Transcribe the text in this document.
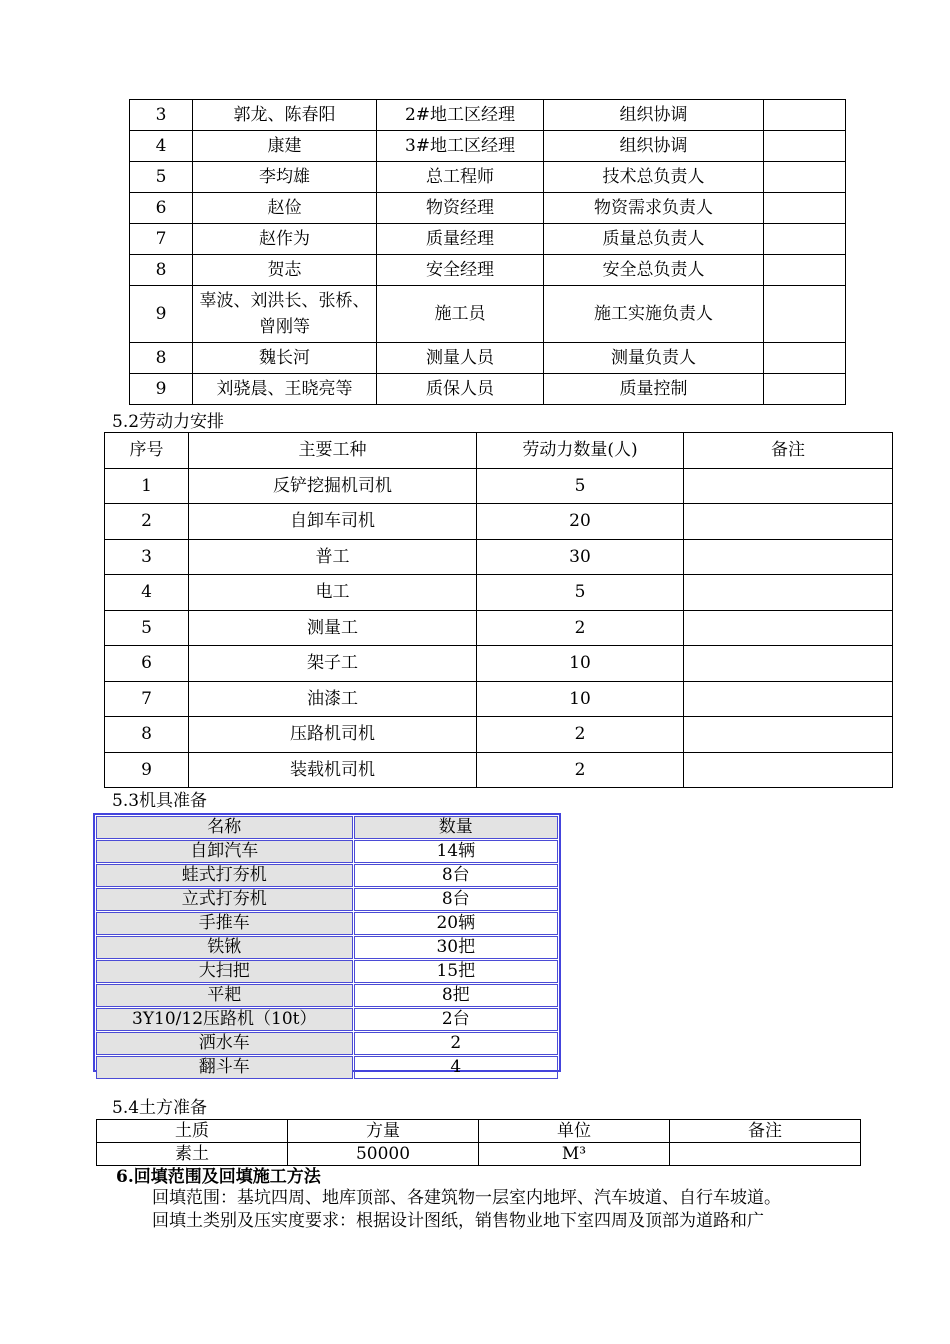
3	郭龙、陈春阳	2#地工区经理	组织协调	
4	康建	3#地工区经理	组织协调	
5	李均雄	总工程师	技术总负责人	
6	赵俭	物资经理	物资需求负责人	
7	赵作为	质量经理	质量总负责人	
8	贺志	安全经理	安全总负责人	
9	辜波、刘洪长、张桥、曾刚等	施工员	施工实施负责人	
8	魏长河	测量人员	测量负责人	
9	刘骁晨、王晓亮等	质保人员	质量控制	
5.2劳动力安排
序号	主要工种	劳动力数量(人)	备注
1	反铲挖掘机司机	5	
2	自卸车司机	20	
3	普工	30	
4	电工	5	
5	测量工	2	
6	架子工	10	
7	油漆工	10	
8	压路机司机	2	
9	装载机司机	2	
5.3机具准备
名称	数量
自卸汽车	14辆
蛙式打夯机	8台
立式打夯机	8台
手推车	20辆
铁锹	30把
大扫把	15把
平耙	8把
3Y10/12压路机（10t）	2台
洒水车	2
翻斗车	4
5.4土方准备
土质	方量	单位	备注
素土	50000	M³	
6.回填范围及回填施工方法
回填范围：基坑四周、地库顶部、各建筑物一层室内地坪、汽车坡道、自行车坡道。
回填土类别及压实度要求：根据设计图纸，销售物业地下室四周及顶部为道路和广
